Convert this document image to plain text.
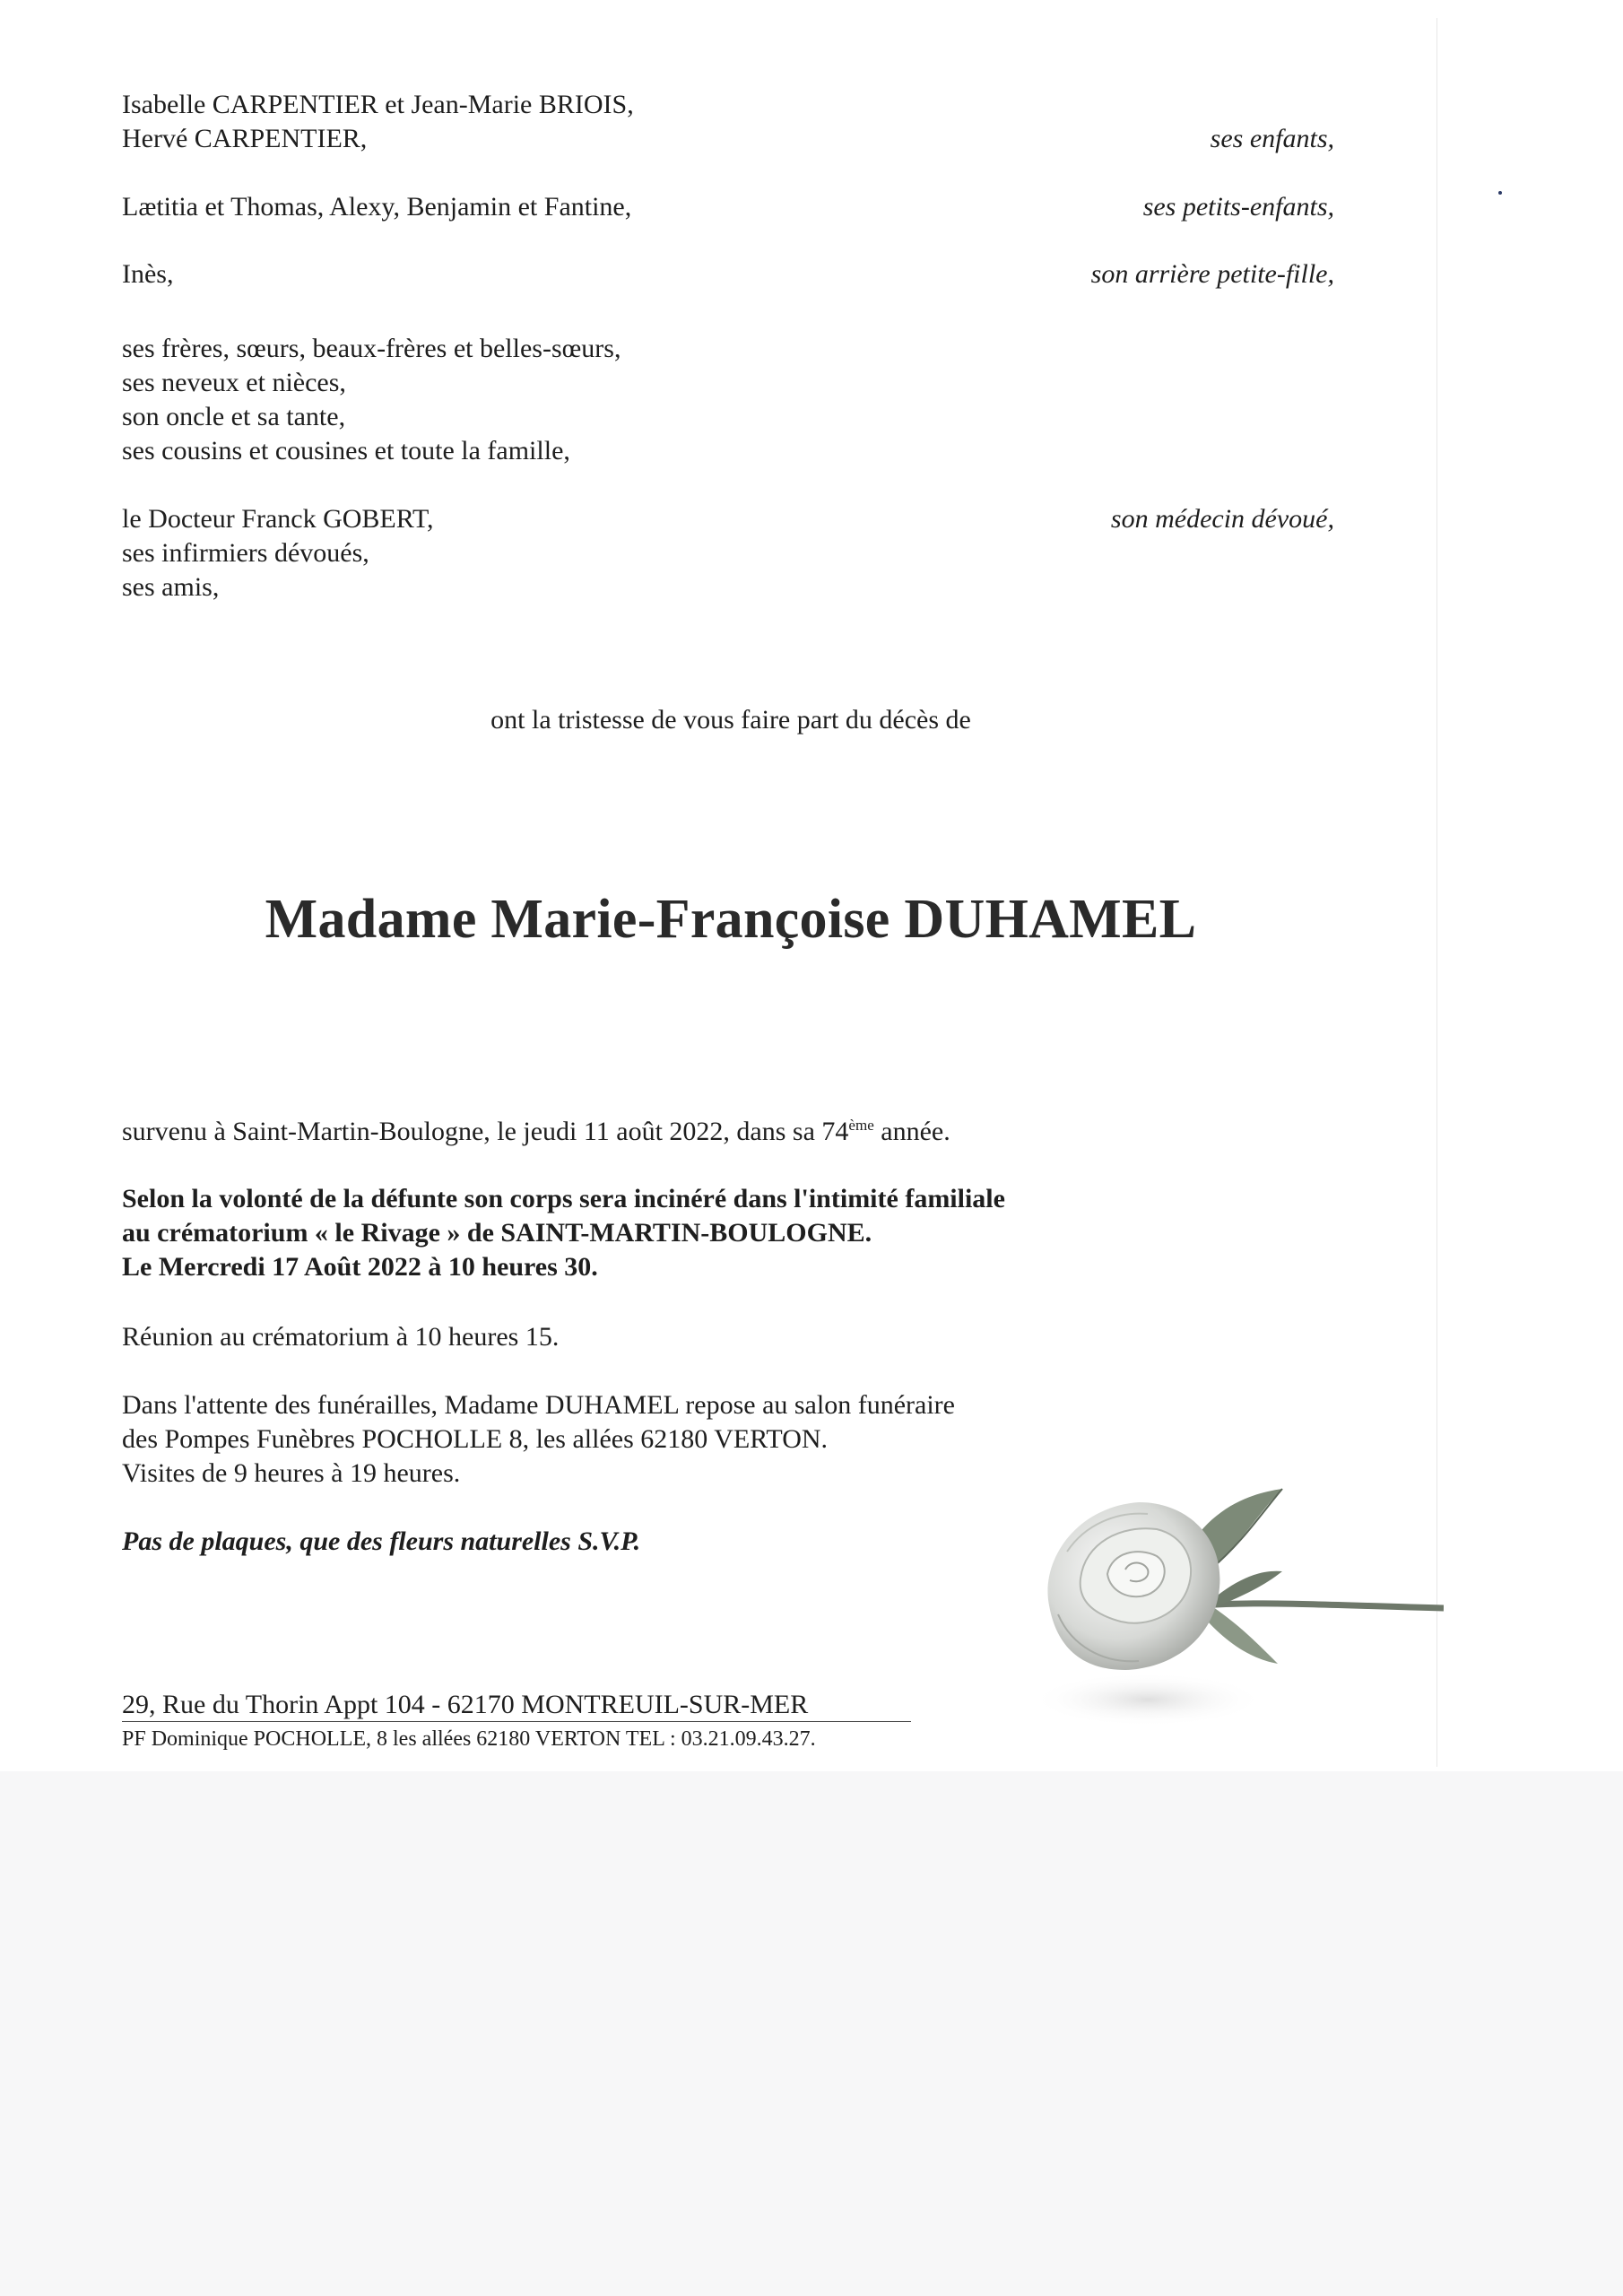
Isabelle CARPENTIER et Jean-Marie BRIOIS,
Hervé CARPENTIER,	ses enfants,
Lætitia et Thomas, Alexy, Benjamin et Fantine,	ses petits-enfants,
Inès,	son arrière petite-fille,
ses frères, sœurs, beaux-frères et belles-sœurs,
ses neveux et nièces,
son oncle et sa tante,
ses cousins et cousines et toute la famille,
le Docteur Franck GOBERT,	son médecin dévoué,
ses infirmiers dévoués,
ses amis,
ont la tristesse de vous faire part du décès de
Madame Marie-Françoise DUHAMEL
survenu à Saint-Martin-Boulogne, le jeudi 11 août 2022, dans sa 74ème année.
Selon la volonté de la défunte son corps sera incinéré dans l'intimité familiale
au crématorium « le Rivage » de SAINT-MARTIN-BOULOGNE.
Le Mercredi 17 Août 2022 à 10 heures 30.
Réunion au crématorium à 10 heures 15.
Dans l'attente des funérailles, Madame DUHAMEL repose au salon funéraire
des Pompes Funèbres POCHOLLE 8, les allées 62180 VERTON.
Visites de 9 heures à 19 heures.
Pas de plaques, que des fleurs naturelles S.V.P.
29, Rue du Thorin Appt 104 - 62170 MONTREUIL-SUR-MER
PF Dominique POCHOLLE, 8 les allées 62180 VERTON TEL : 03.21.09.43.27.
